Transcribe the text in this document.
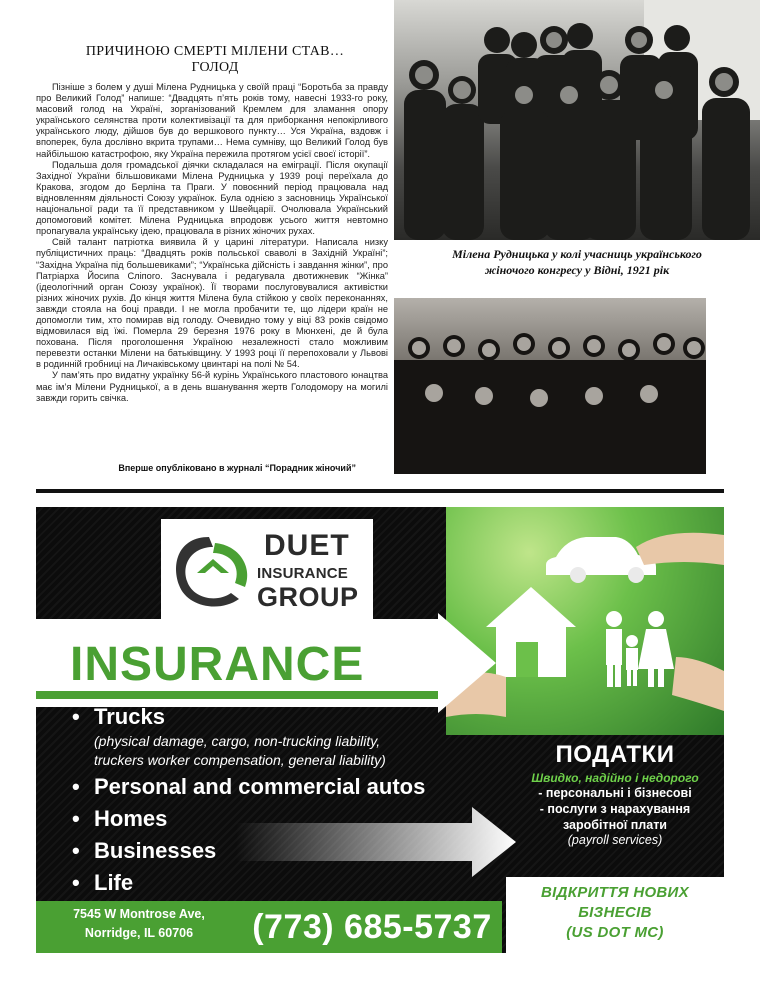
ПРИЧИНОЮ СМЕРТІ МІЛЕНИ СТАВ…
ГОЛОД

Пізніше з болем у душі Мілена Рудницька у своїй праці “Боротьба за правду про Великий Голод” напише: “Двадцять п’ять років тому, навесні 1933-го року, масовий голод на Україні, зорганізований Кремлем для зламання опору українського селянства проти колективізації та для приборкання непокірливого українського люду, дійшов був до вершкового пункту… Уся Україна, вздовж і впоперек, була дослівно вкрита трупами… Нема сумніву, що Великий Голод був найбільшою катастрофою, яку Україна пережила протягом усієї своєї історії”.

Подальша доля громадської діячки складалася на еміграції. Після окупації Західної України більшовиками Мілена Рудницька у 1939 році переїхала до Кракова, згодом до Берліна та Праги. У повоєнний період працювала над відновленням діяльності Союзу українок. Була однією з засновниць Української національної ради та її представником у Швейцарії. Очолювала Український допомоговий комітет. Мілена Рудницька впродовж усього життя невтомно пропагувала українську ідею, працювала в різних жіночих рухах.

Свій талант патріотка виявила й у царині літератури. Написала низку публіцистичних праць: “Двадцять років польської сваволі в Західній Україні”; “Західна Україна під большевиками”; “Українська дійсність і завдання жінки”, про Патріарха Йосипа Сліпого. Заснувала і редагувала двотижневик “Жінка” (ідеологічний орган Союзу українок). Її творами послуговувалися активістки різних жіночих рухів. До кінця життя Мілена була стійкою у своїх переконаннях, завжди стояла на боці правди. І не могла пробачити те, що лідери країн не допомогли тим, хто помирав від голоду. Очевидно тому у віці 83 років свідомо відмовилася від їжі. Померла 29 березня 1976 року в Мюнхені, де й була похована. Після проголошення Україною незалежності стало можливим перевезти останки Мілени на батьківщину. У 1993 році її перепоховали у Львові в родинній гробниці на Личаківському цвинтарі на полі № 54.

У пам’ять про видатну українку 56-й курінь Українського пластового юнацтва має ім’я Мілени Рудницької, а в день вшанування жертв Голодомору на могилі завжди горить свічка.

Вперше опубліковано в журналі “Порадник жіночий”
Мілена Рудницька у колі учасниць українського
жіночого конгресу у Відні, 1921 рік
DUET
INSURANCE
GROUP
INSURANCE
• Trucks
(physical damage, cargo, non-trucking liability,
truckers worker compensation, general liability)
• Personal and commercial autos
• Homes
• Businesses
• Life
ПОДАТКИ
Швидко, надійно і недорого
- персональні і бізнесові
- послуги з нарахування
заробітної плати
(payroll services)
7545 W Montrose Ave,
Norridge, IL 60706	(773) 685-5737
ВІДКРИТТЯ НОВИХ
БІЗНЕСІВ
(US DOT MC)
